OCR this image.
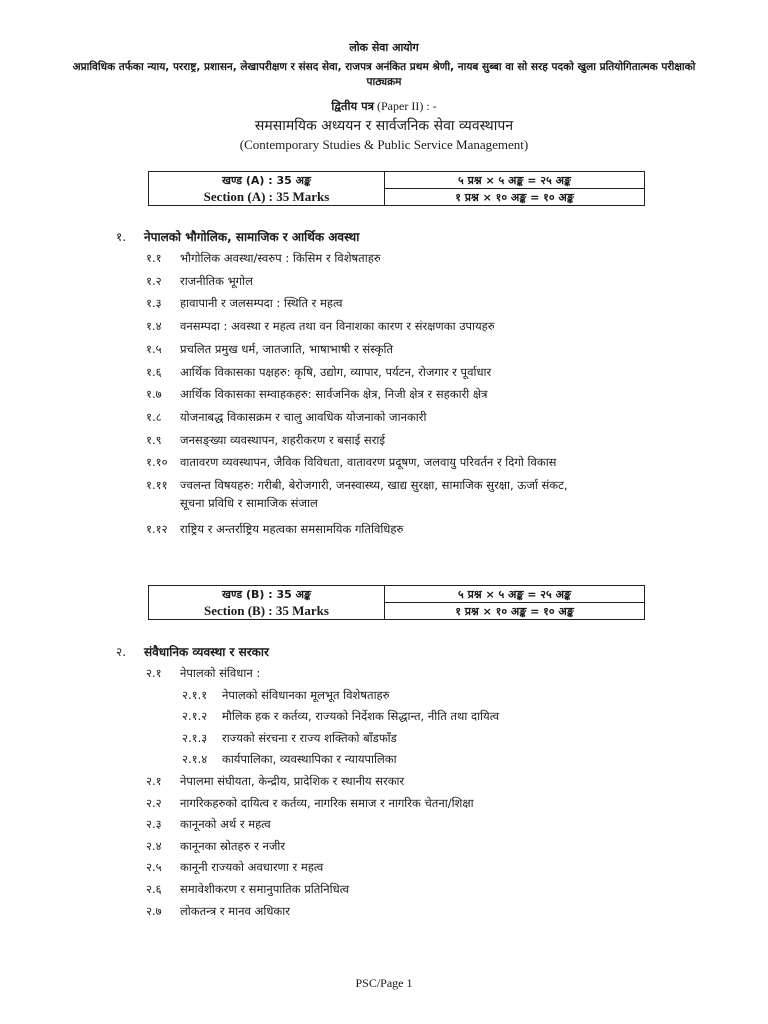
लोक सेवा आयोग
अप्राविधिक तर्फका न्याय, परराष्ट्र, प्रशासन, लेखापरीक्षण र संसद सेवा, राजपत्र अनंकित प्रथम श्रेणी, नायब सुब्बा वा सो सरह पदको खुला प्रतियोगितात्मक परीक्षाको पाठ्यक्रम
द्वितीय पत्र (Paper II) : -
समसामयिक अध्ययन र सार्वजनिक सेवा व्यवस्थापन
(Contemporary Studies & Public Service Management)
खण्ड (A) : 35 अङ्क
Section (A) : 35 Marks
	५ प्रश्न × ५ अङ्क = २५ अङ्क
१ प्रश्न × १० अङ्क = १० अङ्क
१. नेपालको भौगोलिक, सामाजिक र आर्थिक अवस्था
१.१ भौगोलिक अवस्था/स्वरुप : किसिम र विशेषताहरु
१.२ राजनीतिक भूगोल
१.३ हावापानी र जलसम्पदा : स्थिति र महत्व
१.४ वनसम्पदा : अवस्था र महत्व तथा वन विनाशका कारण र संरक्षणका उपायहरु
१.५ प्रचलित प्रमुख धर्म, जातजाति, भाषाभाषी र संस्कृति
१.६ आर्थिक विकासका पक्षहरु: कृषि, उद्योग, व्यापार, पर्यटन, रोजगार र पूर्वाधार
१.७ आर्थिक विकासका सम्वाहकहरु: सार्वजनिक क्षेत्र, निजी क्षेत्र र सहकारी क्षेत्र
१.८ योजनाबद्ध विकासक्रम र चालु आवधिक योजनाको जानकारी
१.९ जनसङ्ख्या व्यवस्थापन, शहरीकरण र बसाई सराई
१.१० वातावरण व्यवस्थापन, जैविक विविधता, वातावरण प्रदूषण, जलवायु परिवर्तन र दिगो विकास
१.११ ज्वलन्त विषयहरु: गरीबी, बेरोजगारी, जनस्वास्थ्य, खाद्य सुरक्षा, सामाजिक सुरक्षा, ऊर्जा संकट,
सूचना प्रविधि र सामाजिक संजाल
१.१२ राष्ट्रिय र अन्तर्राष्ट्रिय महत्वका समसामयिक गतिविधिहरु
खण्ड (B) : 35 अङ्क
Section (B) : 35 Marks
	५ प्रश्न × ५ अङ्क = २५ अङ्क
१ प्रश्न × १० अङ्क = १० अङ्क
२. संवैधानिक व्यवस्था र सरकार
२.१ नेपालको संविधान :
२.१.१ नेपालको संविधानका मूलभूत विशेषताहरु
२.१.२ मौलिक हक र कर्तव्य, राज्यको निर्देशक सिद्धान्त, नीति तथा दायित्व
२.१.३ राज्यको संरचना र राज्य शक्तिको बाँडफाँड
२.१.४ कार्यपालिका, व्यवस्थापिका र न्यायपालिका
२.१ नेपालमा संघीयता, केन्द्रीय, प्रादेशिक र स्थानीय सरकार
२.२ नागरिकहरुको दायित्व र कर्तव्य, नागरिक समाज र नागरिक चेतना/शिक्षा
२.३ कानूनको अर्थ र महत्व
२.४ कानूनका स्रोतहरु र नजीर
२.५ कानूनी राज्यको अवधारणा र महत्व
२.६ समावेशीकरण र समानुपातिक प्रतिनिधित्व
२.७ लोकतन्त्र र मानव अधिकार
PSC/Page 1
